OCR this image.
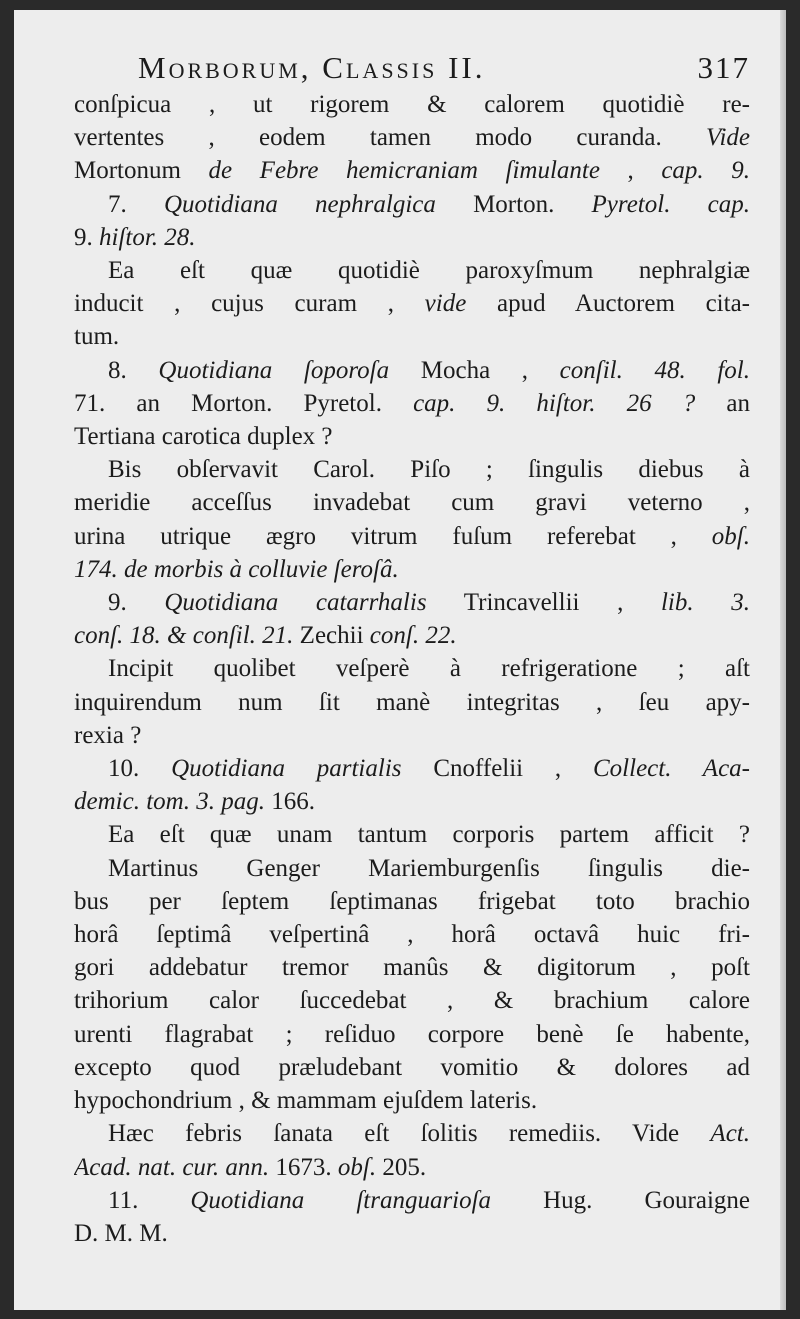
Morborum, Classis II.	317
conſpicua , ut rigorem & calorem quotidiè re-
vertentes , eodem tamen modo curanda. Vide
Mortonum de Febre hemicraniam ſimulante , cap. 9.
7. Quotidiana nephralgica Morton. Pyretol. cap.
9. hiſtor. 28.
Ea eſt quæ quotidiè paroxyſmum nephralgiæ
inducit , cujus curam , vide apud Auctorem cita-
tum.
8. Quotidiana ſoporoſa Mocha , conſil. 48. fol.
71. an Morton. Pyretol. cap. 9. hiſtor. 26 ? an
Tertiana carotica duplex ?
Bis obſervavit Carol. Piſo ; ſingulis diebus à
meridie acceſſus invadebat cum gravi veterno ,
urina utrique ægro vitrum fuſum referebat , obſ.
174. de morbis à colluvie ſeroſâ.
9. Quotidiana catarrhalis Trincavellii , lib. 3.
conſ. 18. & conſil. 21. Zechii conſ. 22.
Incipit quolibet veſperè à refrigeratione ; aſt
inquirendum num ſit manè integritas , ſeu apy-
rexia ?
10. Quotidiana partialis Cnoffelii , Collect. Aca-
demic. tom. 3. pag. 166.
Ea eſt quæ unam tantum corporis partem afficit ?
Martinus Genger Mariemburgenſis ſingulis die-
bus per ſeptem ſeptimanas frigebat toto brachio
horâ ſeptimâ veſpertinâ , horâ octavâ huic fri-
gori addebatur tremor manûs & digitorum , poſt
trihorium calor ſuccedebat , & brachium calore
urenti flagrabat ; reſiduo corpore benè ſe habente,
excepto quod præludebant vomitio & dolores ad
hypochondrium , & mammam ejuſdem lateris.
Hæc febris ſanata eſt ſolitis remediis. Vide Act.
Acad. nat. cur. ann. 1673. obſ. 205.
11. Quotidiana ſtranguarioſa Hug. Gouraigne
D. M. M.
